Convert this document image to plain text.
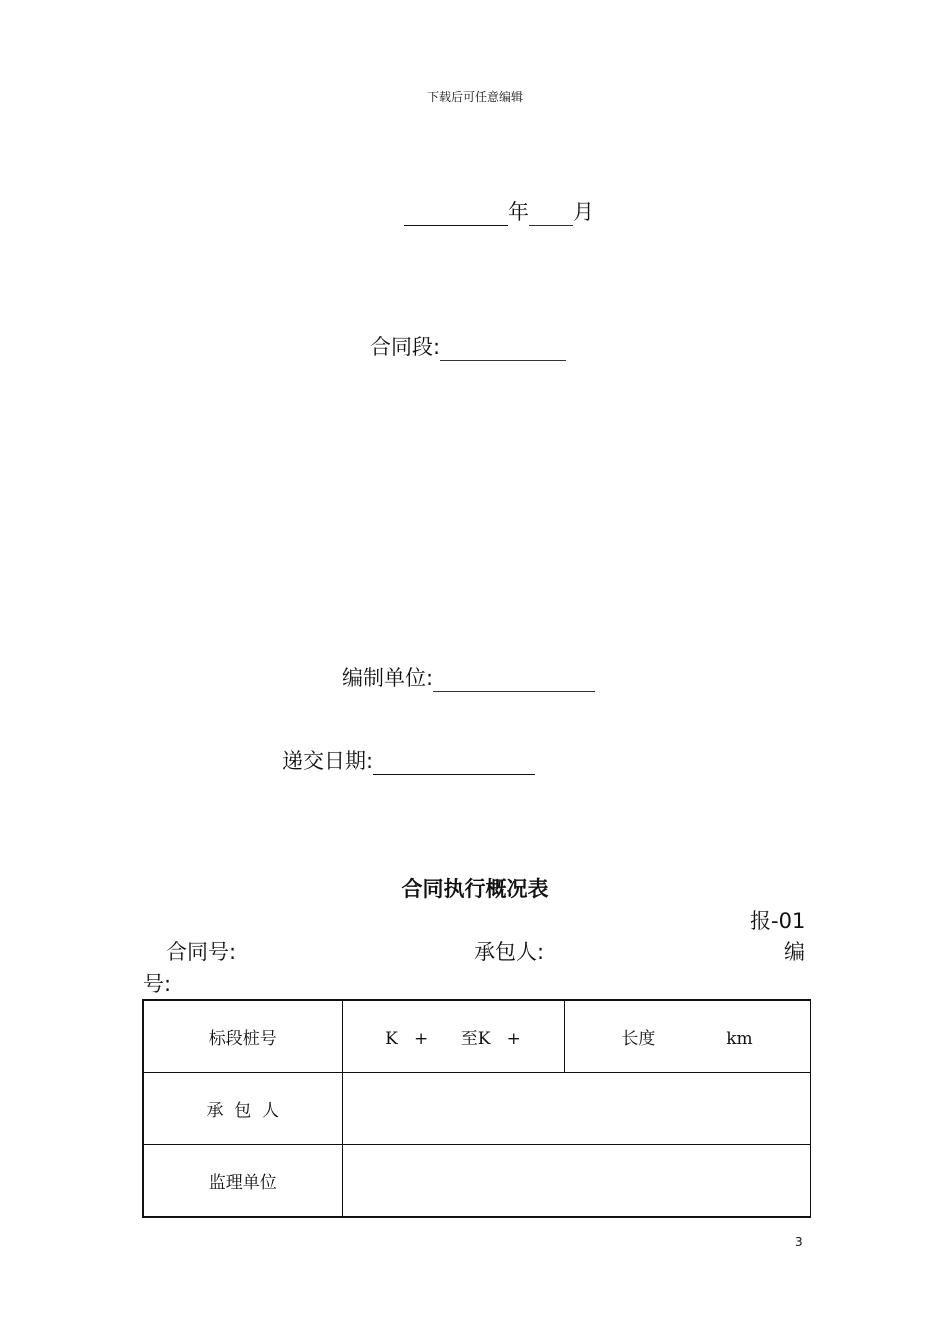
下载后可任意编辑
年 月
合同段:
编制单位:
递交日期:
合同执行概况表
报-01
合同号:	承包人:	编
号:
标段桩号	K   +      至K   +	长度 km
承  包  人		
监理单位		
3
